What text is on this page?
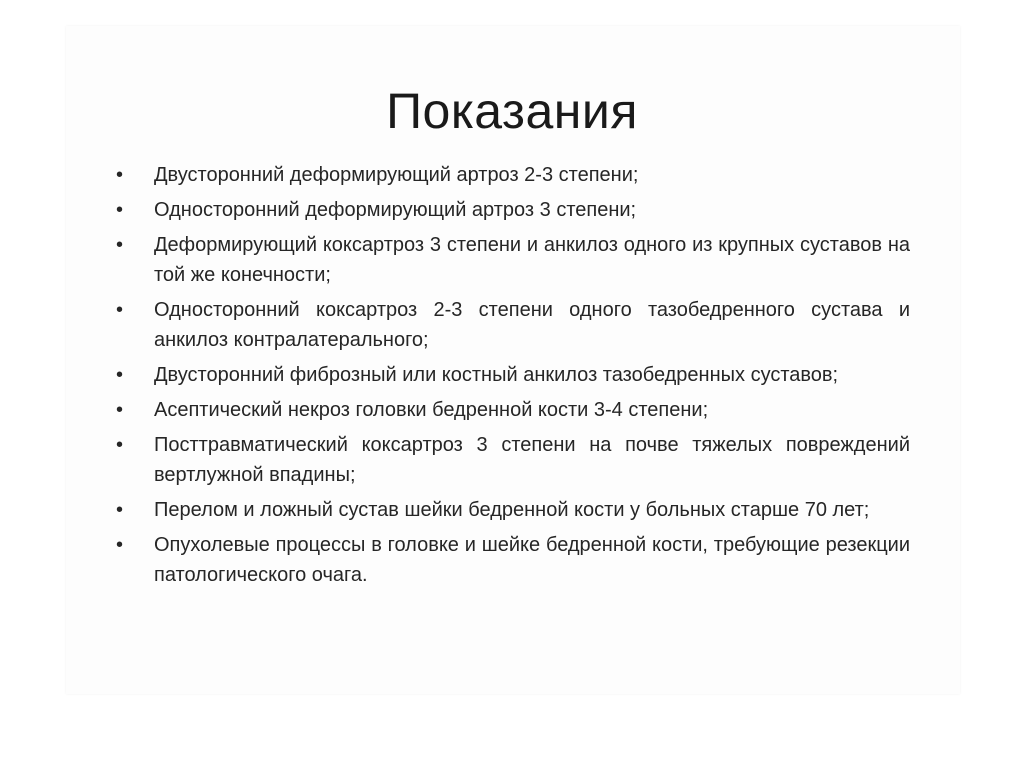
Показания
•	Двусторонний деформирующий артроз 2-3 степени;
•	Односторонний деформирующий артроз 3 степени;
•	Деформирующий коксартроз 3 степени и анкилоз одного из крупных суставов на той же конечности;
•	Односторонний коксартроз 2-3 степени одного тазобедренного сустава и анкилоз контралатерального;
•	Двусторонний фиброзный или костный анкилоз тазобедренных суставов;
•	Асептический некроз головки бедренной кости 3-4 степени;
•	Посттравматический коксартроз 3 степени на почве тяжелых повреждений вертлужной впадины;
•	Перелом и ложный сустав шейки бедренной кости у больных старше 70 лет;
•	Опухолевые процессы в головке и шейке бедренной кости, требующие резекции патологического очага.
